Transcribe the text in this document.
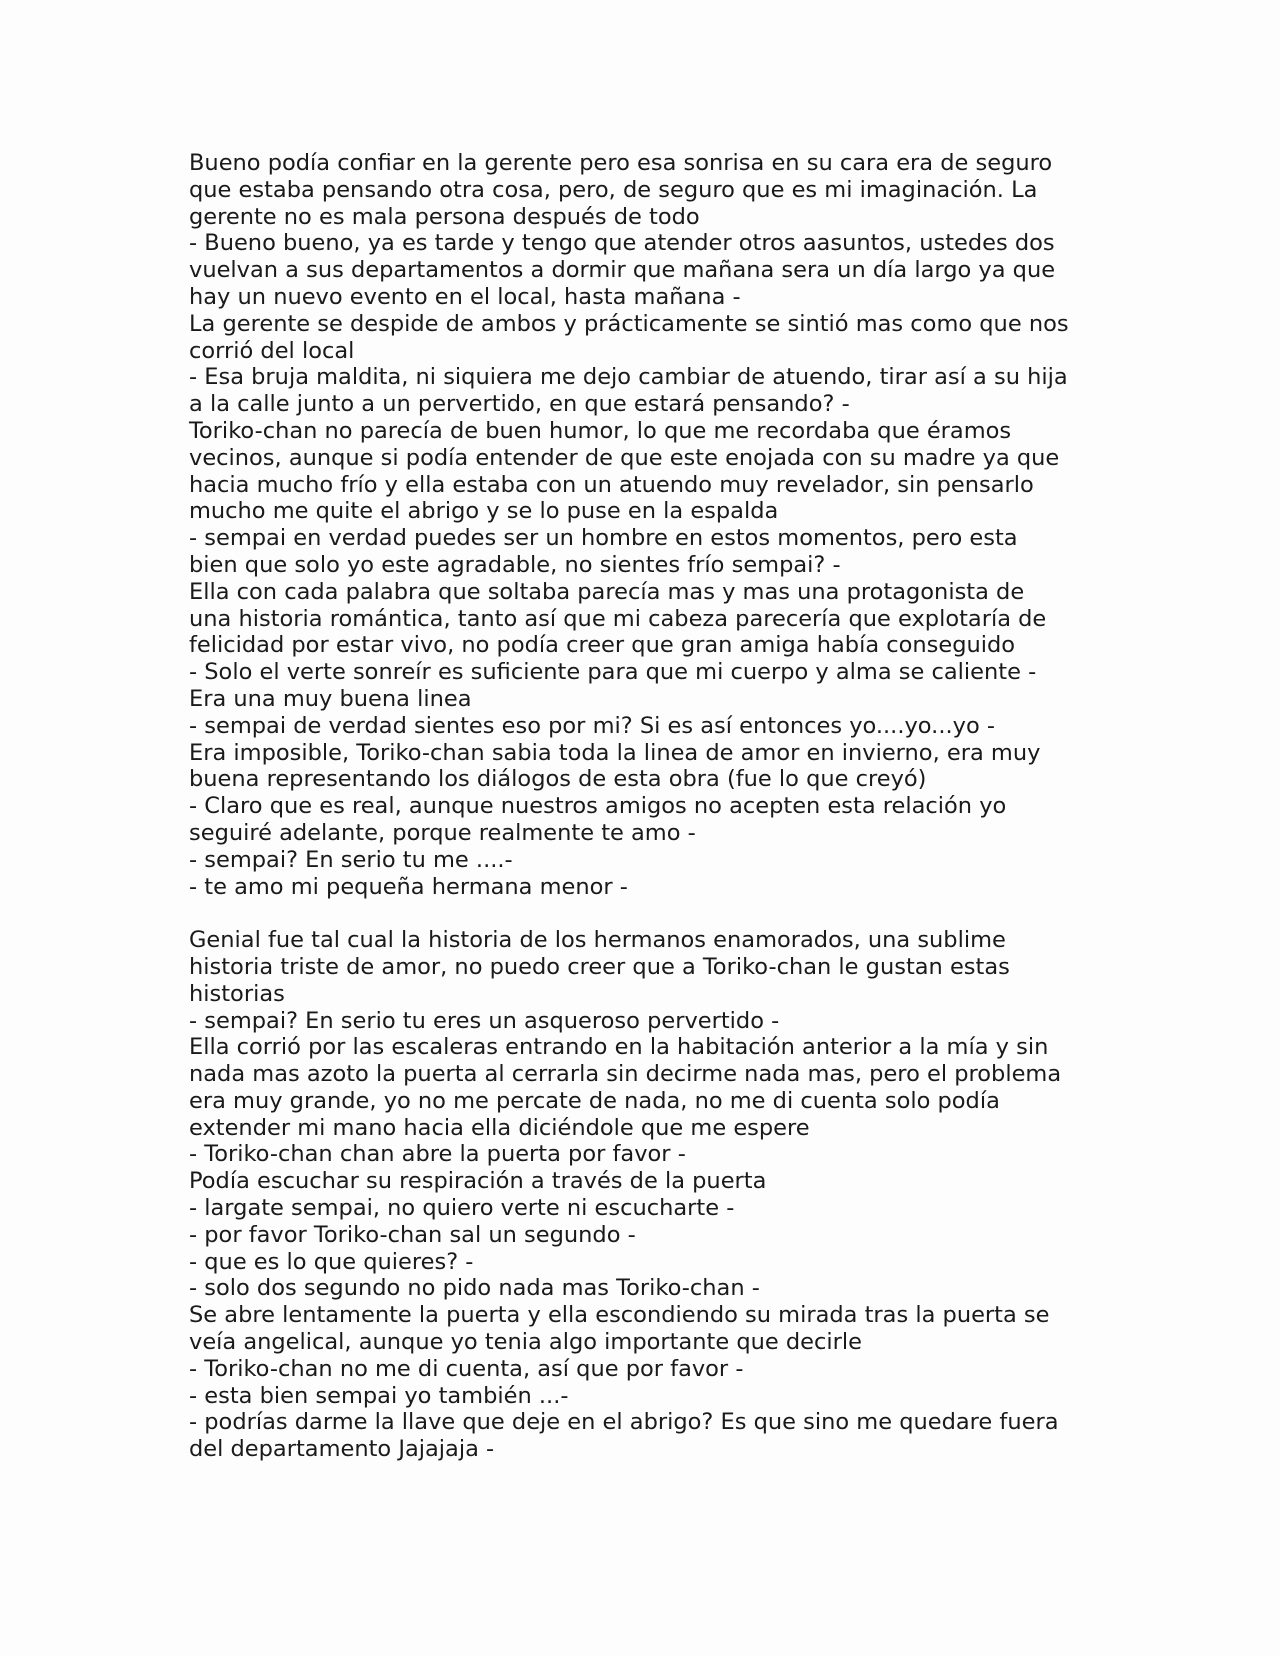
Bueno podía confiar en la gerente pero esa sonrisa en su cara era de seguro
que estaba pensando otra cosa, pero, de seguro que es mi imaginación. La
gerente no es mala persona después de todo
- Bueno bueno, ya es tarde y tengo que atender otros aasuntos, ustedes dos
vuelvan a sus departamentos a dormir que mañana sera un día largo ya que
hay un nuevo evento en el local, hasta mañana -
La gerente se despide de ambos y prácticamente se sintió mas como que nos
corrió del local
- Esa bruja maldita, ni siquiera me dejo cambiar de atuendo, tirar así a su hija
a la calle junto a un pervertido, en que estará pensando? -
Toriko-chan no parecía de buen humor, lo que me recordaba que éramos
vecinos, aunque si podía entender de que este enojada con su madre ya que
hacia mucho frío y ella estaba con un atuendo muy revelador, sin pensarlo
mucho me quite el abrigo y se lo puse en la espalda
- sempai en verdad puedes ser un hombre en estos momentos, pero esta
bien que solo yo este agradable, no sientes frío sempai? -
Ella con cada palabra que soltaba parecía mas y mas una protagonista de
una historia romántica, tanto así que mi cabeza parecería que explotaría de
felicidad por estar vivo, no podía creer que gran amiga había conseguido
- Solo el verte sonreír es suficiente para que mi cuerpo y alma se caliente -
Era una muy buena linea
- sempai de verdad sientes eso por mi? Si es así entonces yo....yo...yo -
Era imposible, Toriko-chan sabia toda la linea de amor en invierno, era muy
buena representando los diálogos de esta obra (fue lo que creyó)
- Claro que es real, aunque nuestros amigos no acepten esta relación yo
seguiré adelante, porque realmente te amo -
- sempai? En serio tu me ....-
- te amo mi pequeña hermana menor -
Genial fue tal cual la historia de los hermanos enamorados, una sublime
historia triste de amor, no puedo creer que a Toriko-chan le gustan estas
historias
- sempai? En serio tu eres un asqueroso pervertido -
Ella corrió por las escaleras entrando en la habitación anterior a la mía y sin
nada mas azoto la puerta al cerrarla sin decirme nada mas, pero el problema
era muy grande, yo no me percate de nada, no me di cuenta solo podía
extender mi mano hacia ella diciéndole que me espere
- Toriko-chan chan abre la puerta por favor -
Podía escuchar su respiración a través de la puerta
- largate sempai, no quiero verte ni escucharte -
- por favor Toriko-chan sal un segundo -
- que es lo que quieres? -
- solo dos segundo no pido nada mas Toriko-chan -
Se abre lentamente la puerta y ella escondiendo su mirada tras la puerta se
veía angelical, aunque yo tenia algo importante que decirle
- Toriko-chan no me di cuenta, así que por favor -
- esta bien sempai yo también ...-
- podrías darme la llave que deje en el abrigo? Es que sino me quedare fuera
del departamento Jajajaja -
